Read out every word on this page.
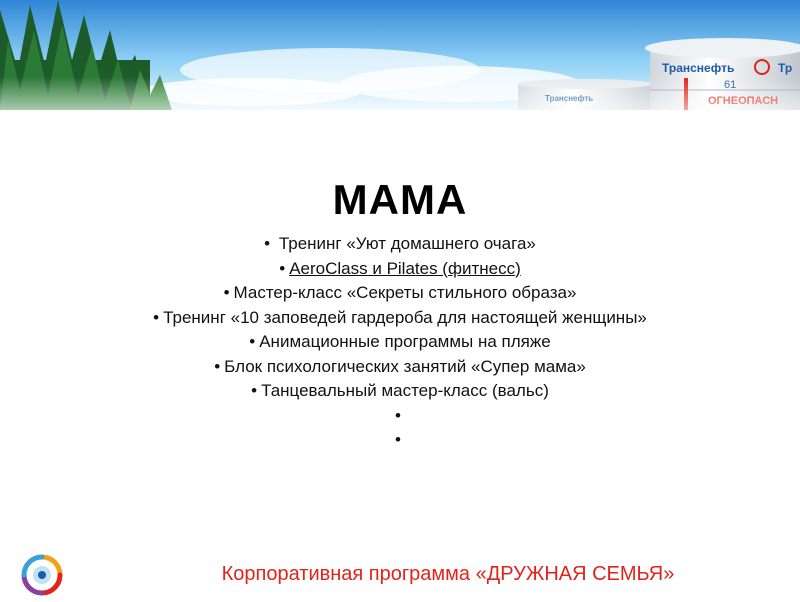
МАМА
• Тренинг «Уют домашнего очага»
• AeroClass и Pilates (фитнесс)
• Мастер-класс «Секреты стильного образа»
• Тренинг «10 заповедей гардероба для настоящей женщины»
• Анимационные программы на пляже
• Блок психологических занятий «Супер мама»
• Танцевальный мастер-класс (вальс)
•
•
Корпоративная программа «ДРУЖНАЯ СЕМЬЯ»
